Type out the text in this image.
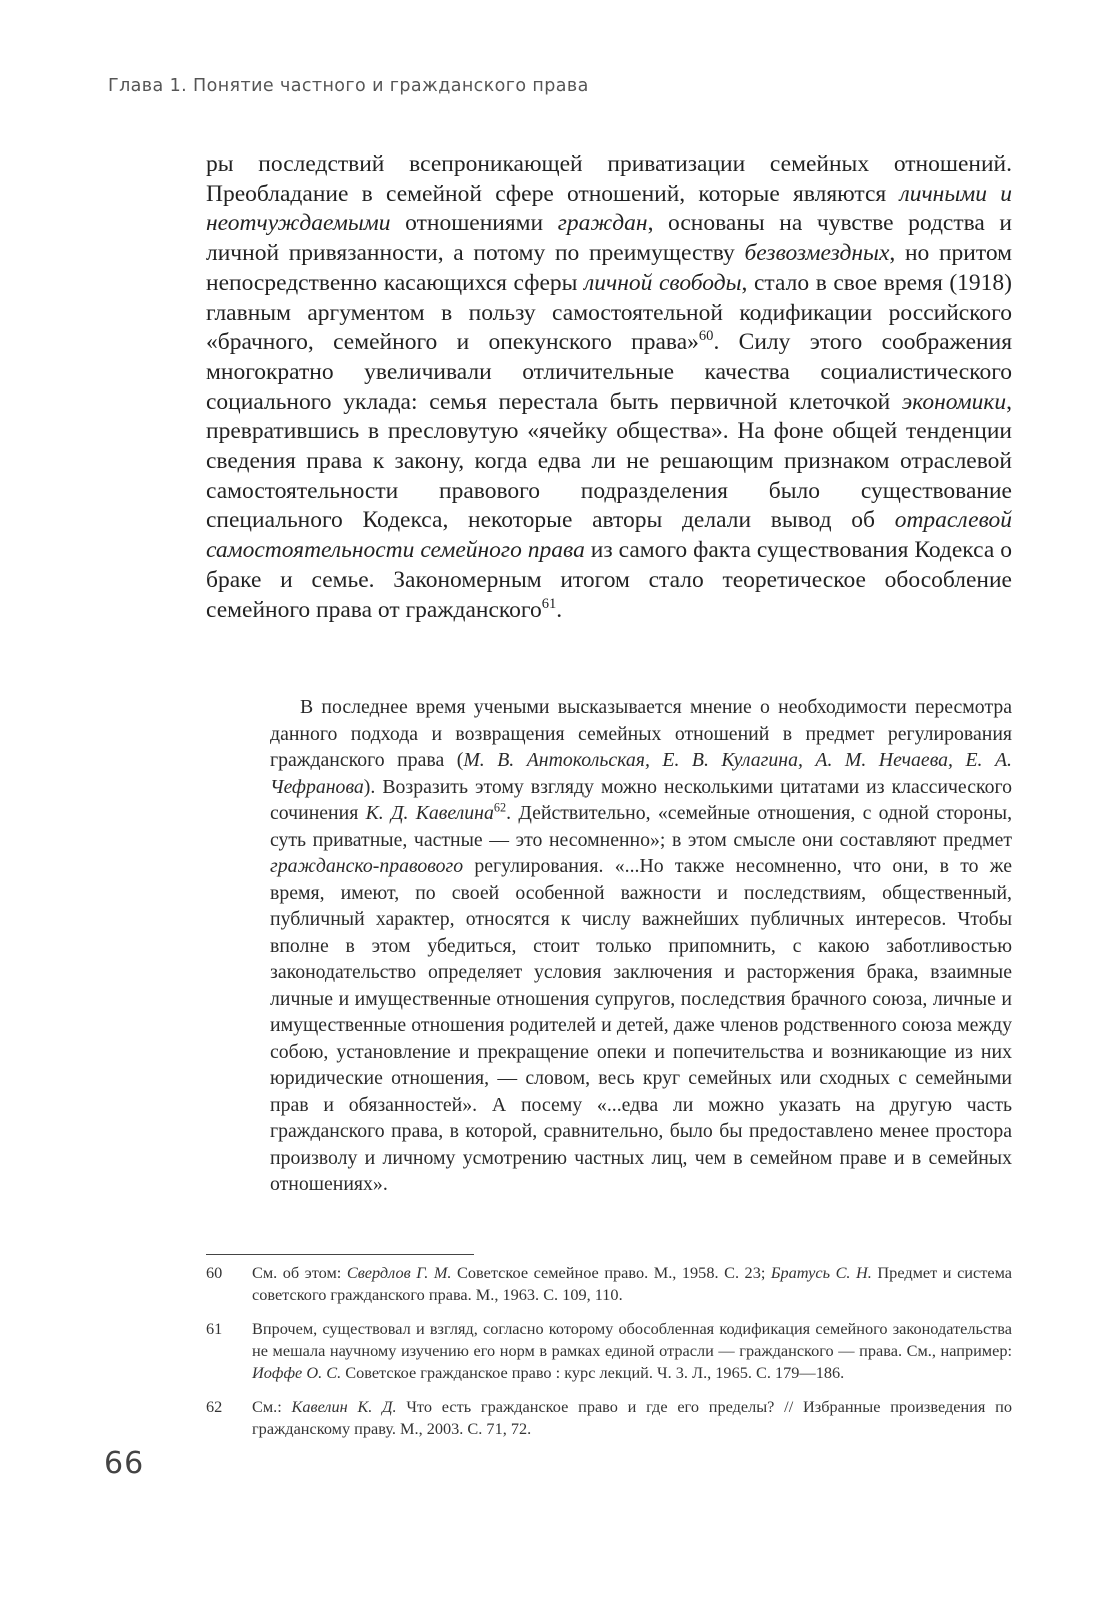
Глава 1. Понятие частного и гражданского права

ры последствий всепроникающей приватизации семейных отношений. Преобладание в семейной сфере отношений, которые являются личными и неотчуждаемыми отношениями граждан, основаны на чувстве родства и личной привязанности, а потому по преимуществу безвозмездных, но притом непосредственно касающихся сферы личной свободы, стало в свое время (1918) главным аргументом в пользу самостоятельной кодификации российского «брачного, семейного и опекунского права»$^{60}$. Силу этого соображения многократно увеличивали отличительные качества социалистического социального уклада: семья перестала быть первичной клеточкой экономики, превратившись в пресловутую «ячейку общества». На фоне общей тенденции сведения права к закону, когда едва ли не решающим признаком отраслевой самостоятельности правового подразделения было существование специального Кодекса, некоторые авторы делали вывод об отраслевой самостоятельности семейного права из самого факта существования Кодекса о браке и семье. Закономерным итогом стало теоретическое обособление семейного права от гражданского$^{61}$.

В последнее время учеными высказывается мнение о необходимости пересмотра данного подхода и возвращения семейных отношений в предмет регулирования гражданского права (М. В. Антокольская, Е. В. Кулагина, А. М. Нечаева, Е. А. Чефранова). Возразить этому взгляду можно несколькими цитатами из классического сочинения К. Д. Кавелина$^{62}$. Действительно, «семейные отношения, с одной стороны, суть приватные, частные — это несомненно»; в этом смысле они составляют предмет гражданско-правового регулирования. «...Но также несомненно, что они, в то же время, имеют, по своей особенной важности и последствиям, общественный, публичный характер, относятся к числу важнейших публичных интересов. Чтобы вполне в этом убедиться, стоит только припомнить, с какою заботливостью законодательство определяет условия заключения и расторжения брака, взаимные личные и имущественные отношения супругов, последствия брачного союза, личные и имущественные отношения родителей и детей, даже членов родственного союза между собою, установление и прекращение опеки и попечительства и возникающие из них юридические отношения, — словом, весь круг семейных или сходных с семейными прав и обязанностей». А посему «...едва ли можно указать на другую часть гражданского права, в которой, сравнительно, было бы предоставлено менее простора произволу и личному усмотрению частных лиц, чем в семейном праве и в семейных отношениях».

60	См. об этом: Свердлов Г. М. Советское семейное право. М., 1958. С. 23; Братусь С. Н. Предмет и система советского гражданского права. М., 1963. С. 109, 110.
61	Впрочем, существовал и взгляд, согласно которому обособленная кодификация семейного законодательства не мешала научному изучению его норм в рамках единой отрасли — гражданского — права. См., например: Иоффе О. С. Советское гражданское право : курс лекций. Ч. 3. Л., 1965. С. 179—186.
62	См.: Кавелин К. Д. Что есть гражданское право и где его пределы? // Избранные произведения по гражданскому праву. М., 2003. С. 71, 72.
66
